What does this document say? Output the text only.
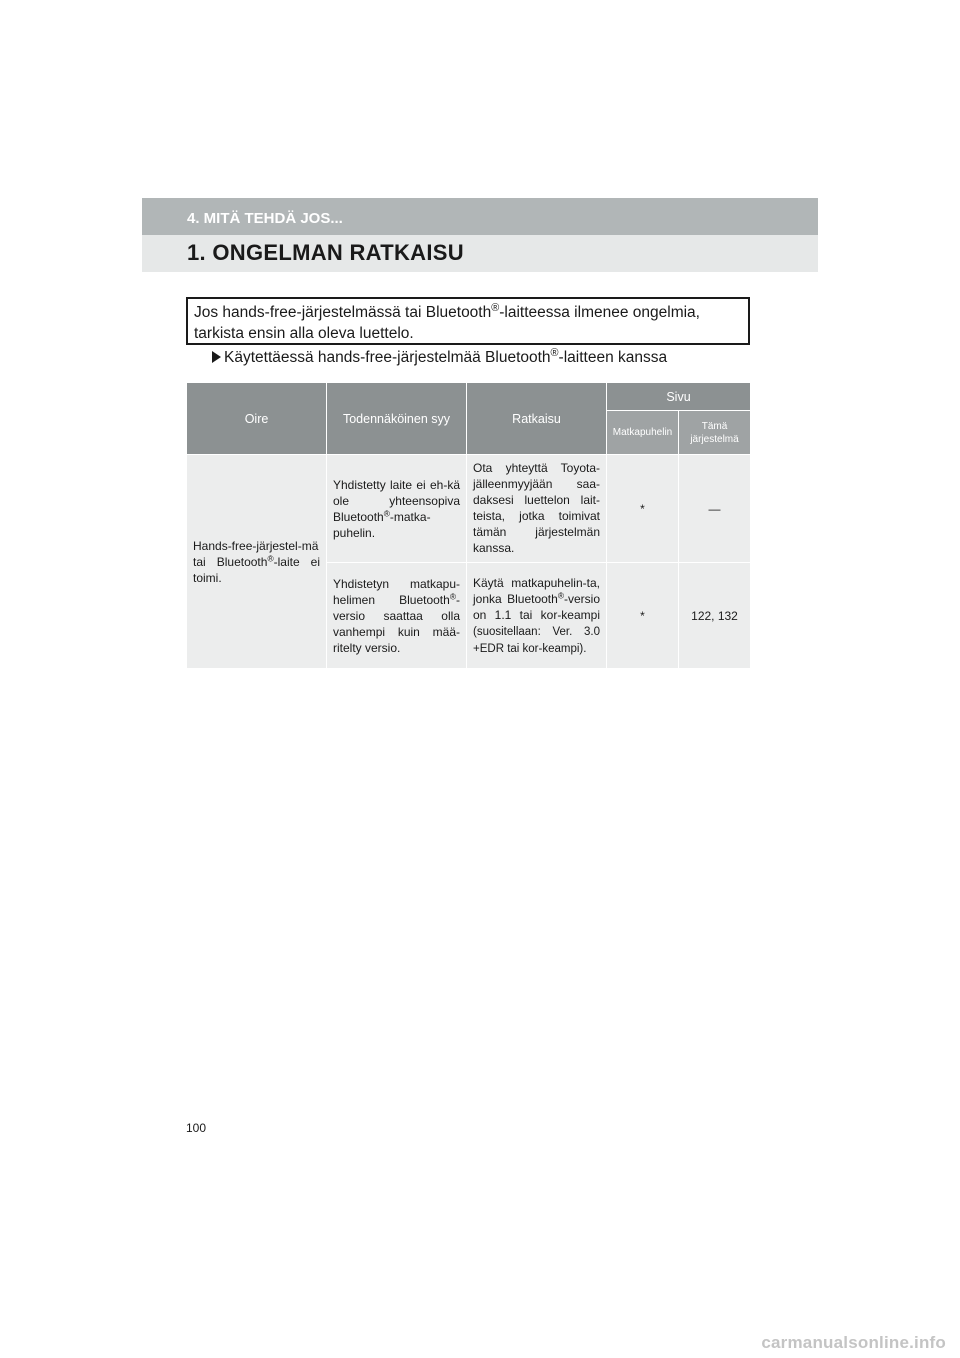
4. MITÄ TEHDÄ JOS...
1. ONGELMAN RATKAISU
Jos hands-free-järjestelmässä tai Bluetooth®-laitteessa ilmenee ongelmia, tarkista ensin alla oleva luettelo.
Käytettäessä hands-free-järjestelmää Bluetooth®-laitteen kanssa
Oire	Todennäköinen syy	Ratkaisu	Sivu	
			Matkapuhelin	Tämä järjestelmä
Hands-free-järjestel-mä tai Bluetooth®-laite ei toimi.	Yhdistetty laite ei eh-kä ole yhteensopiva Bluetooth®-matka-puhelin.	Ota yhteyttä Toyota-jälleenmyyjään saa-daksesi luettelon lait-teista, jotka toimivat tämän järjestelmän kanssa.	*	—
	Yhdistetyn matkapu-helimen Bluetooth®-versio saattaa olla vanhempi kuin mää-ritelty versio.	Käytä matkapuhelin-ta, jonka Bluetooth®-versio on 1.1 tai kor-keampi (suositellaan: Ver. 3.0 +EDR tai kor-keampi).	*	122, 132
100
carmanualsonline.info
